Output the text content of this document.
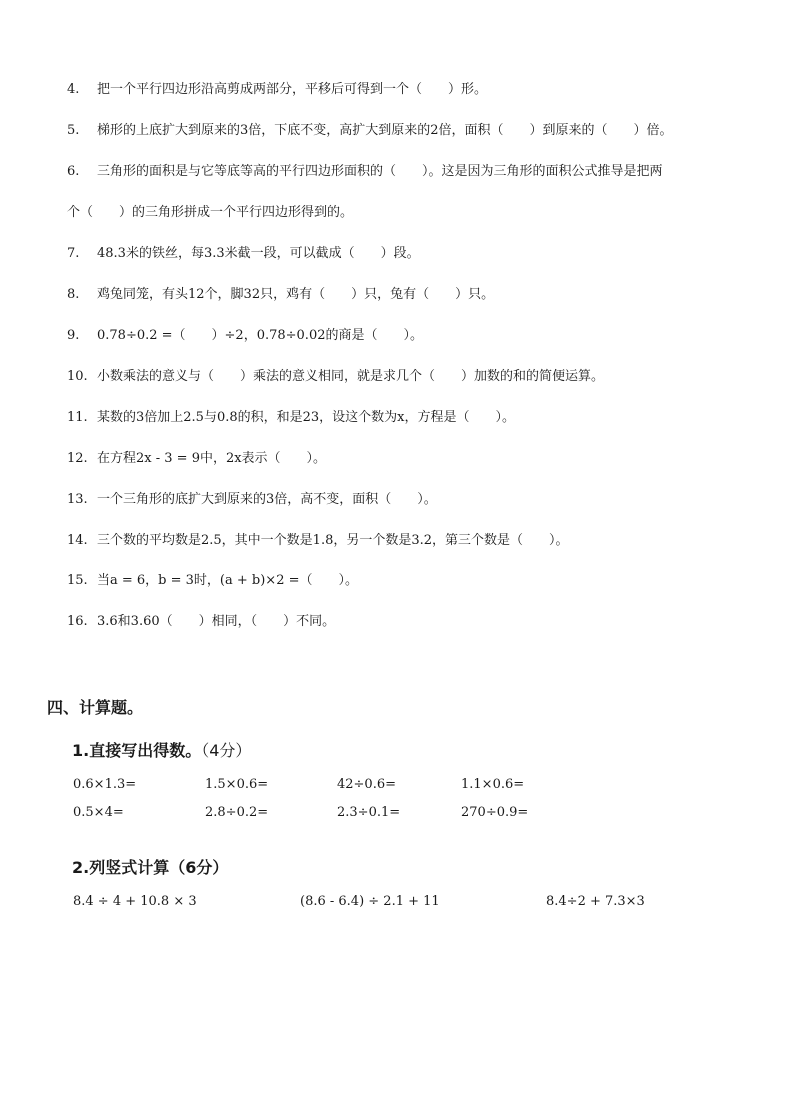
4. 把一个平行四边形沿高剪成两部分，平移后可得到一个（　　）形。
5. 梯形的上底扩大到原来的3倍，下底不变，高扩大到原来的2倍，面积（　　）到原来的（　　）倍。
6. 三角形的面积是与它等底等高的平行四边形面积的（　　）。这是因为三角形的面积公式推导是把两
个（　　）的三角形拼成一个平行四边形得到的。
7. 48.3米的铁丝，每3.3米截一段，可以截成（　　）段。
8. 鸡兔同笼，有头12个，脚32只，鸡有（　　）只，兔有（　　）只。
9. 0.78÷0.2 =（　　）÷2，0.78÷0.02的商是（　　）。
10. 小数乘法的意义与（　　）乘法的意义相同，就是求几个（　　）加数的和的简便运算。
11. 某数的3倍加上2.5与0.8的积，和是23，设这个数为x，方程是（　　）。
12. 在方程2x - 3 = 9中，2x表示（　　）。
13. 一个三角形的底扩大到原来的3倍，高不变，面积（　　）。
14. 三个数的平均数是2.5，其中一个数是1.8，另一个数是3.2，第三个数是（　　）。
15. 当a = 6，b = 3时，(a + b)×2 =（　　）。
16. 3.6和3.60（　　）相同，（　　）不同。
四、计算题。
1.直接写出得数。（4分）
0.6×1.3=	1.5×0.6=	42÷0.6=	1.1×0.6=
0.5×4=	2.8÷0.2=	2.3÷0.1=	270÷0.9=
2.列竖式计算（6分）
8.4 ÷ 4 + 10.8 × 3	(8.6 - 6.4) ÷ 2.1 + 11	8.4÷2 + 7.3×3
